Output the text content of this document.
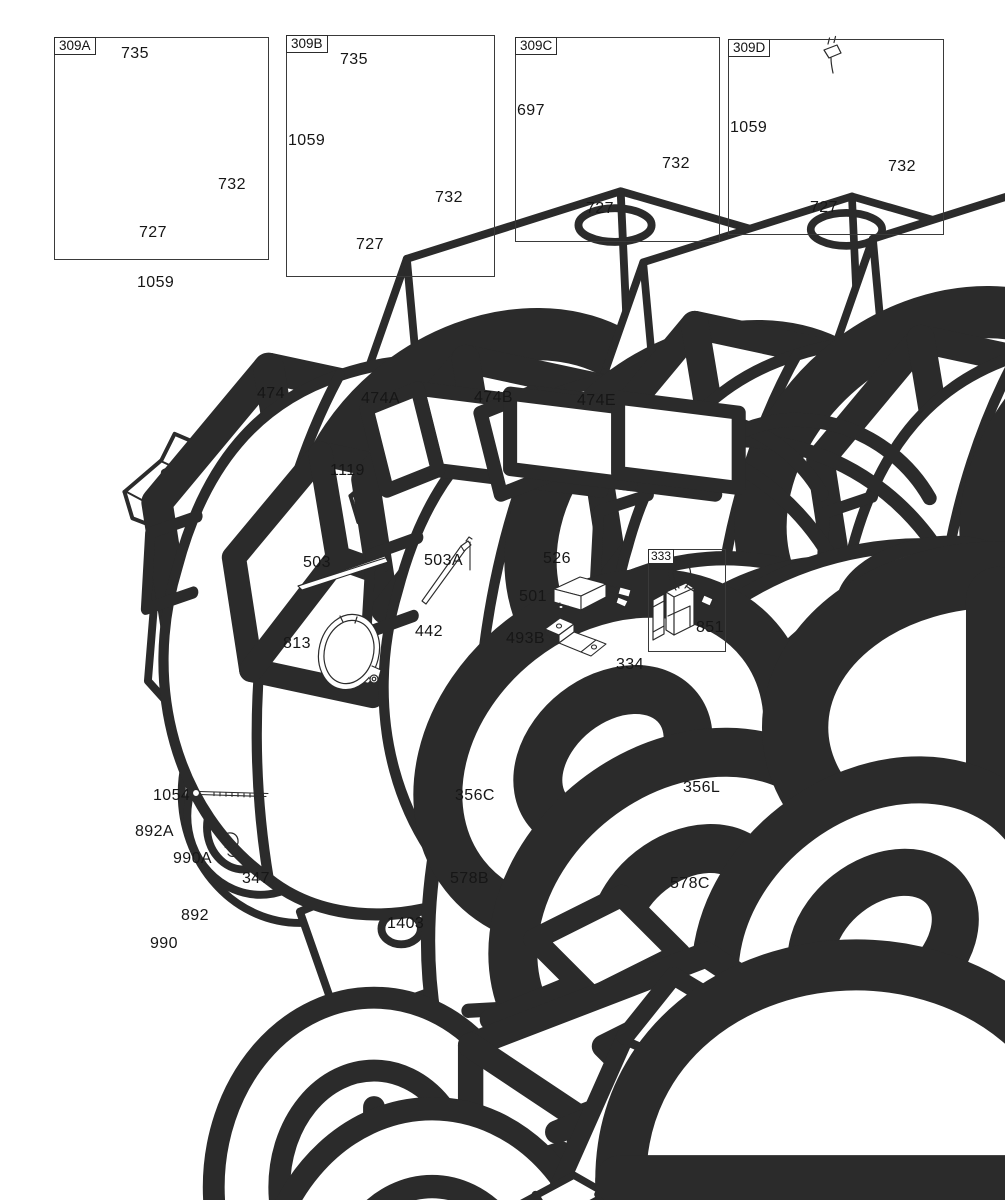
309A	309B	309C	309D
333
735
732
727
1059
735
1059
732
727
697
732
727
1059
732
727
474	474A	474B	474E
1119
503	503A	526
501
493B
851
334
813
442
1054
892A
990A
347
892
990
356C	356L
578B	578C
1403
